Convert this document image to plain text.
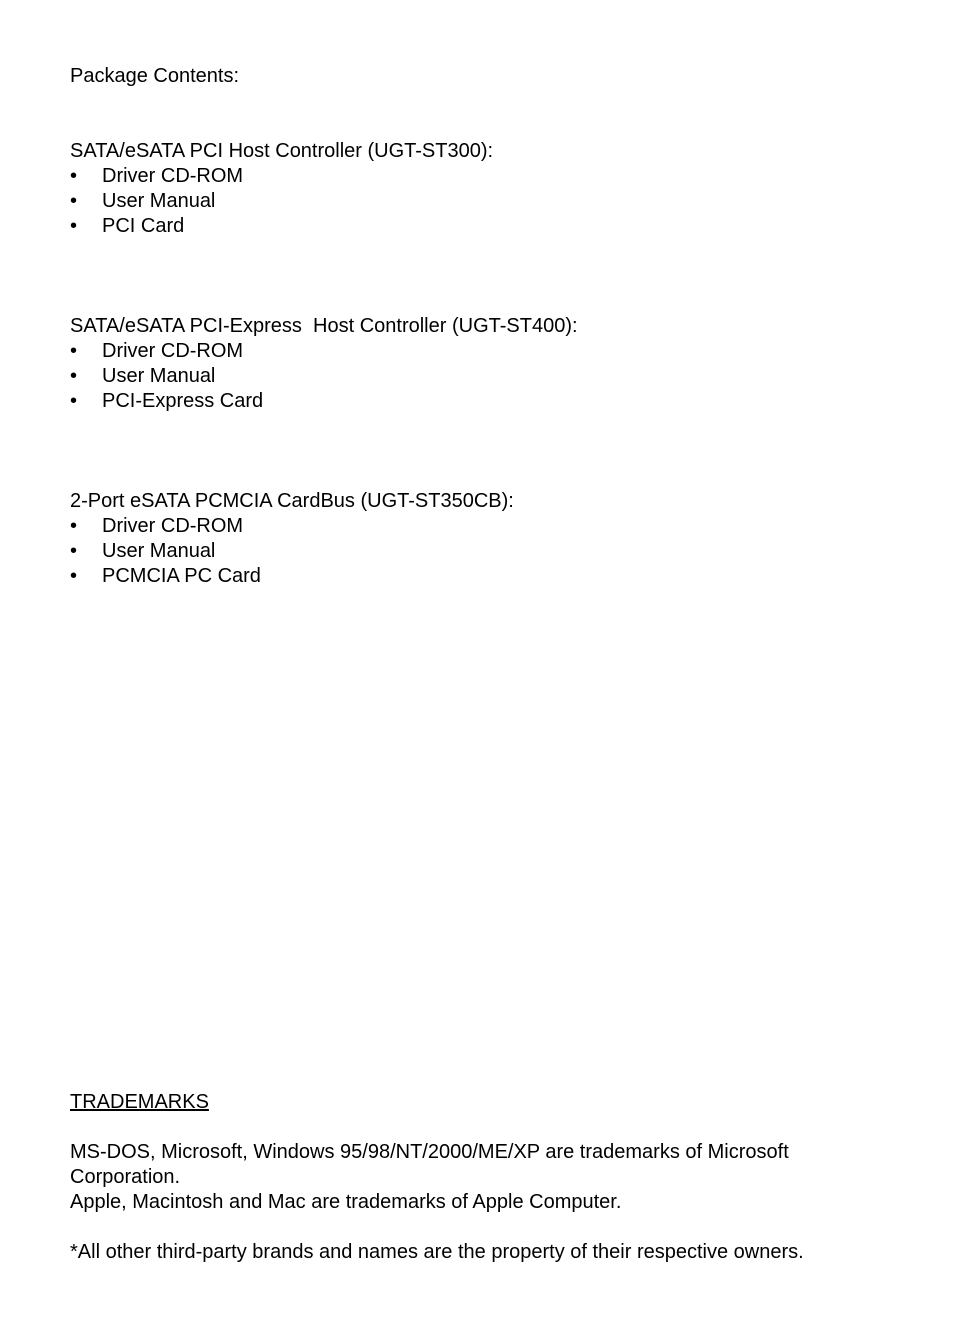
Package Contents:
SATA/eSATA PCI Host Controller (UGT-ST300):
• Driver CD-ROM
• User Manual
• PCI Card
SATA/eSATA PCI-Express  Host Controller (UGT-ST400):
• Driver CD-ROM
• User Manual
• PCI-Express Card
2-Port eSATA PCMCIA CardBus (UGT-ST350CB):
• Driver CD-ROM
• User Manual
• PCMCIA PC Card
TRADEMARKS
MS-DOS, Microsoft, Windows 95/98/NT/2000/ME/XP are trademarks of Microsoft Corporation.
Apple, Macintosh and Mac are trademarks of Apple Computer.
*All other third-party brands and names are the property of their respective owners.
